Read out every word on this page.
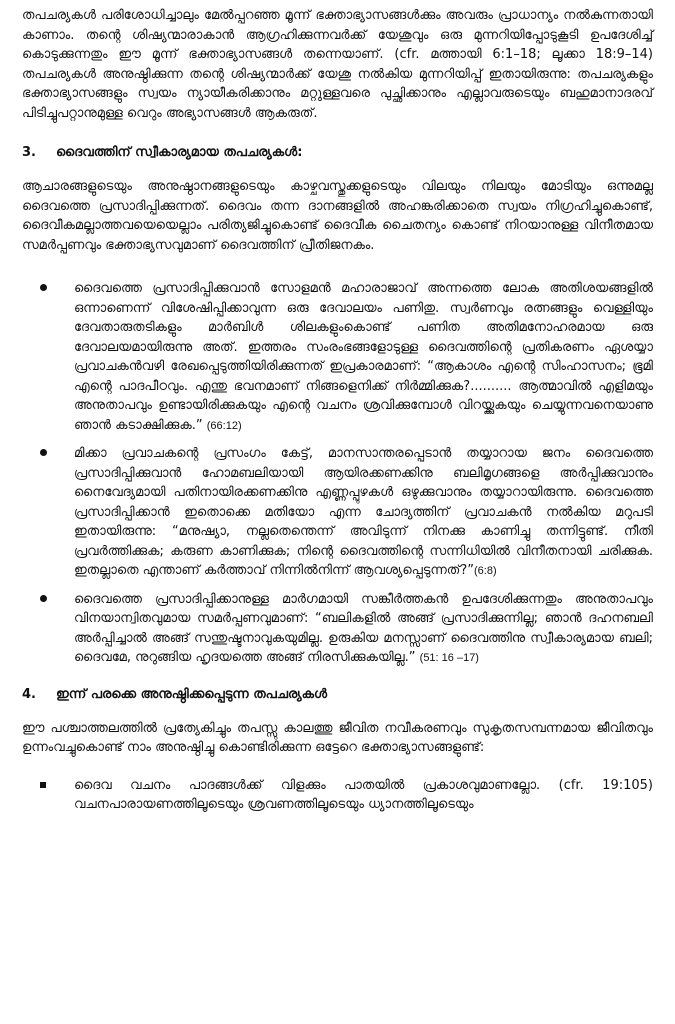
തപചര്യകൾ പരിശോധിച്ചാലും മേൽപ്പറഞ്ഞ മൂന്ന് ഭക്താഭ്യാസങ്ങൾക്കും അവരും പ്രാധാന്യം നൽകുന്നതായി കാണാം. തന്റെ ശിഷ്യന്മാരാകാൻ ആഗ്രഹിക്കുന്നവർക്ക് യേശുവും ഒരു മുന്നറിയിപ്പോടുകൂടി ഉപദേശിച്ച് കൊടുക്കുന്നതും ഈ മൂന്ന് ഭക്താഭ്യാസങ്ങൾ തന്നെയാണ്. (cfr. മത്തായി 6:1–18; ലൂക്കാ 18:9–14) തപചര്യകൾ അനുഷ്ഠിക്കുന്ന തന്റെ ശിഷ്യന്മാർക്ക് യേശു നൽകിയ മുന്നറിയിപ്പ് ഇതായിരുന്നു: തപചര്യകളും ഭക്താഭ്യാസങ്ങളും സ്വയം ന്യായീകരിക്കാനും മറ്റുള്ളവരെ പുച്ഛിക്കാനും എല്ലാവരുടെയും ബഹുമാനാദരവ് പിടിച്ചുപറ്റാനുമുള്ള വെറും അഭ്യാസങ്ങൾ ആകരുത്.

3.	ദൈവത്തിന് സ്വീകാര്യമായ തപചര്യകൾ:

ആചാരങ്ങളുടെയും അനുഷ്ഠാനങ്ങളുടെയും കാഴ്ചവസ്തുക്കളുടെയും വിലയും നിലയും മോടിയും ഒന്നുമല്ല ദൈവത്തെ പ്രസാദിപ്പിക്കുന്നത്. ദൈവം തന്ന ദാനങ്ങളിൽ അഹങ്കരിക്കാതെ സ്വയം നിഗ്രഹിച്ചുകൊണ്ട്, ദൈവീകമല്ലാത്തവയെയെല്ലാം പരിത്യജിച്ചുകൊണ്ട് ദൈവീക ചൈതന്യം കൊണ്ട് നിറയാനുള്ള വിനീതമായ സമർപ്പണവും ഭക്താഭ്യസവുമാണ് ദൈവത്തിന് പ്രീതിജനകം.

ദൈവത്തെ പ്രസാദിപ്പിക്കുവാൻ സോളമൻ മഹാരാജാവ് അന്നത്തെ ലോക അതിശയങ്ങളിൽ ഒന്നാണെന്ന് വിശേഷിപ്പിക്കാവുന്ന ഒരു ദേവാലയം പണിതു. സ്വർണവും രത്നങ്ങളും വെള്ളിയും ദേവതാരുതടികളും മാർബിൾ ശിലകളുംകൊണ്ട് പണിത അതിമനോഹരമായ ഒരു ദേവാലയമായിരുന്നു അത്. ഇത്തരം സംരംഭങ്ങളോടുള്ള ദൈവത്തിന്റെ പ്രതികരണം ഏശയ്യാ പ്രവാചകൻവഴി രേഖപ്പെടുത്തിയിരിക്കുന്നത് ഇപ്രകാരമാണ്: “ആകാശം എന്റെ സിംഹാസനം; ഭൂമി എന്റെ പാദപീഠവും. എന്തു ഭവനമാണ് നിങ്ങളെനിക്ക് നിർമ്മിക്കുക?.......... ആത്മാവിൽ എളിമയും അനുതാപവും ഉണ്ടായിരിക്കുകയും എന്റെ വചനം ശ്രവിക്കുമ്പോൾ വിറയ്ക്കുകയും ചെയ്യുന്നവനെയാണു ഞാൻ കടാക്ഷിക്കുക.” (66:12)

മിക്കാ പ്രവാചകന്റെ പ്രസംഗം കേട്ട്, മാനസാന്തരപ്പെടാൻ തയ്യാറായ ജനം ദൈവത്തെ പ്രസാദിപ്പിക്കുവാൻ ഹോമബലിയായി ആയിരക്കണക്കിനു ബലിമൃഗങ്ങളെ അർപ്പിക്കുവാനും നൈവേദ്യമായി പതിനായിരക്കണക്കിനു എണ്ണപ്പുഴകൾ ഒഴുക്കുവാനും തയ്യാറായിരുന്നു. ദൈവത്തെ പ്രസാദിപ്പിക്കാൻ ഇതൊക്കെ മതിയോ എന്ന ചോദ്യത്തിന് പ്രവാചകൻ നൽകിയ മറുപടി ഇതായിരുന്നു: “മനുഷ്യാ, നല്ലതെന്തെന്ന് അവിടുന്ന് നിനക്കു കാണിച്ചു തന്നിട്ടുണ്ട്. നീതി പ്രവർത്തിക്കുക; കരുണ കാണിക്കുക; നിന്റെ ദൈവത്തിന്റെ സന്നിധിയിൽ വിനീതനായി ചരിക്കുക. ഇതല്ലാതെ എന്താണ് കർത്താവ് നിന്നിൽനിന്ന് ആവശ്യപ്പെടുന്നത്?”(6:8)

ദൈവത്തെ പ്രസാദിപ്പിക്കാനുള്ള മാർഗമായി സങ്കീർത്തകൻ ഉപദേശിക്കുന്നതും അനുതാപവും വിനയാന്വിതവുമായ സമർപ്പണവുമാണ്: “ബലികളിൽ അങ്ങ് പ്രസാദിക്കുന്നില്ല; ഞാൻ ദഹനബലി അർപ്പിച്ചാൽ അങ്ങ് സന്തുഷ്ടനാവുകയുമില്ല. ഉരുകിയ മനസ്സാണ് ദൈവത്തിനു സ്വീകാര്യമായ ബലി; ദൈവമേ, നുറുങ്ങിയ ഹൃദയത്തെ അങ്ങ് നിരസിക്കുകയില്ല.” (51: 16 –17)

4.	ഇന്ന് പരക്കെ അനുഷ്ഠിക്കപ്പെടുന്ന തപചര്യകൾ

ഈ പശ്ചാത്തലത്തിൽ പ്രത്യേകിച്ചും തപസ്സു കാലത്തു ജീവിത നവീകരണവും സുകൃതസമ്പന്നമായ ജീവിതവും ഉന്നംവച്ചുകൊണ്ട് നാം അനുഷ്ഠിച്ചു കൊണ്ടിരിക്കുന്ന ഒട്ടേറെ ഭക്താഭ്യാസങ്ങളുണ്ട്:

ദൈവ വചനം പാദങ്ങൾക്ക് വിളക്കും പാതയിൽ പ്രകാശവുമാണല്ലോ. (cfr. 19:105) വചനപാരായണത്തിലൂടെയും ശ്രവണത്തിലൂടെയും ധ്യാനത്തിലൂടെയും
